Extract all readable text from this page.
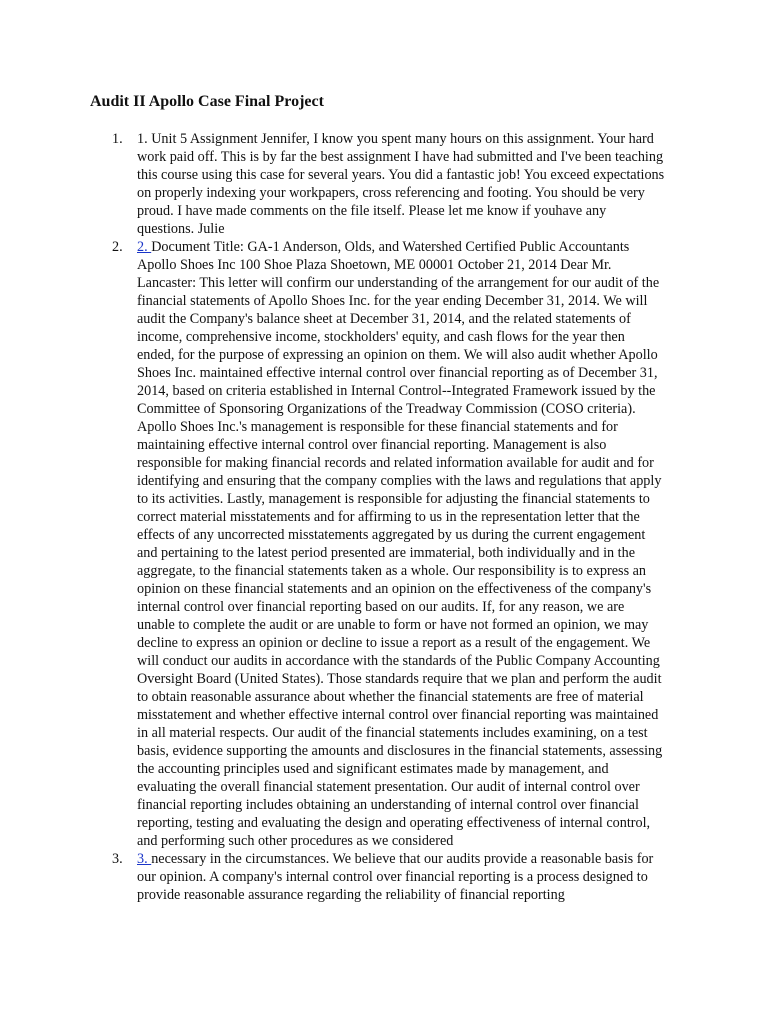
Audit II Apollo Case Final Project
1. 1. Unit 5 Assignment Jennifer, I know you spent many hours on this assignment. Your hard work paid off. This is by far the best assignment I have had submitted and I've been teaching this course using this case for several years. You did a fantastic job! You exceed expectations on properly indexing your workpapers, cross referencing and footing. You should be very proud. I have made comments on the file itself. Please let me know if youhave any questions. Julie
2. 2. Document Title: GA-1 Anderson, Olds, and Watershed Certified Public Accountants Apollo Shoes Inc 100 Shoe Plaza Shoetown, ME 00001 October 21, 2014 Dear Mr. Lancaster: This letter will confirm our understanding of the arrangement for our audit of the financial statements of Apollo Shoes Inc. for the year ending December 31, 2014. We will audit the Company's balance sheet at December 31, 2014, and the related statements of income, comprehensive income, stockholders' equity, and cash flows for the year then ended, for the purpose of expressing an opinion on them. We will also audit whether Apollo Shoes Inc. maintained effective internal control over financial reporting as of December 31, 2014, based on criteria established in Internal Control--Integrated Framework issued by the Committee of Sponsoring Organizations of the Treadway Commission (COSO criteria). Apollo Shoes Inc.'s management is responsible for these financial statements and for maintaining effective internal control over financial reporting. Management is also responsible for making financial records and related information available for audit and for identifying and ensuring that the company complies with the laws and regulations that apply to its activities. Lastly, management is responsible for adjusting the financial statements to correct material misstatements and for affirming to us in the representation letter that the effects of any uncorrected misstatements aggregated by us during the current engagement and pertaining to the latest period presented are immaterial, both individually and in the aggregate, to the financial statements taken as a whole. Our responsibility is to express an opinion on these financial statements and an opinion on the effectiveness of the company's internal control over financial reporting based on our audits. If, for any reason, we are unable to complete the audit or are unable to form or have not formed an opinion, we may decline to express an opinion or decline to issue a report as a result of the engagement. We will conduct our audits in accordance with the standards of the Public Company Accounting Oversight Board (United States). Those standards require that we plan and perform the audit to obtain reasonable assurance about whether the financial statements are free of material misstatement and whether effective internal control over financial reporting was maintained in all material respects. Our audit of the financial statements includes examining, on a test basis, evidence supporting the amounts and disclosures in the financial statements, assessing the accounting principles used and significant estimates made by management, and evaluating the overall financial statement presentation. Our audit of internal control over financial reporting includes obtaining an understanding of internal control over financial reporting, testing and evaluating the design and operating effectiveness of internal control, and performing such other procedures as we considered
3. 3. necessary in the circumstances. We believe that our audits provide a reasonable basis for our opinion. A company's internal control over financial reporting is a process designed to provide reasonable assurance regarding the reliability of financial reporting
